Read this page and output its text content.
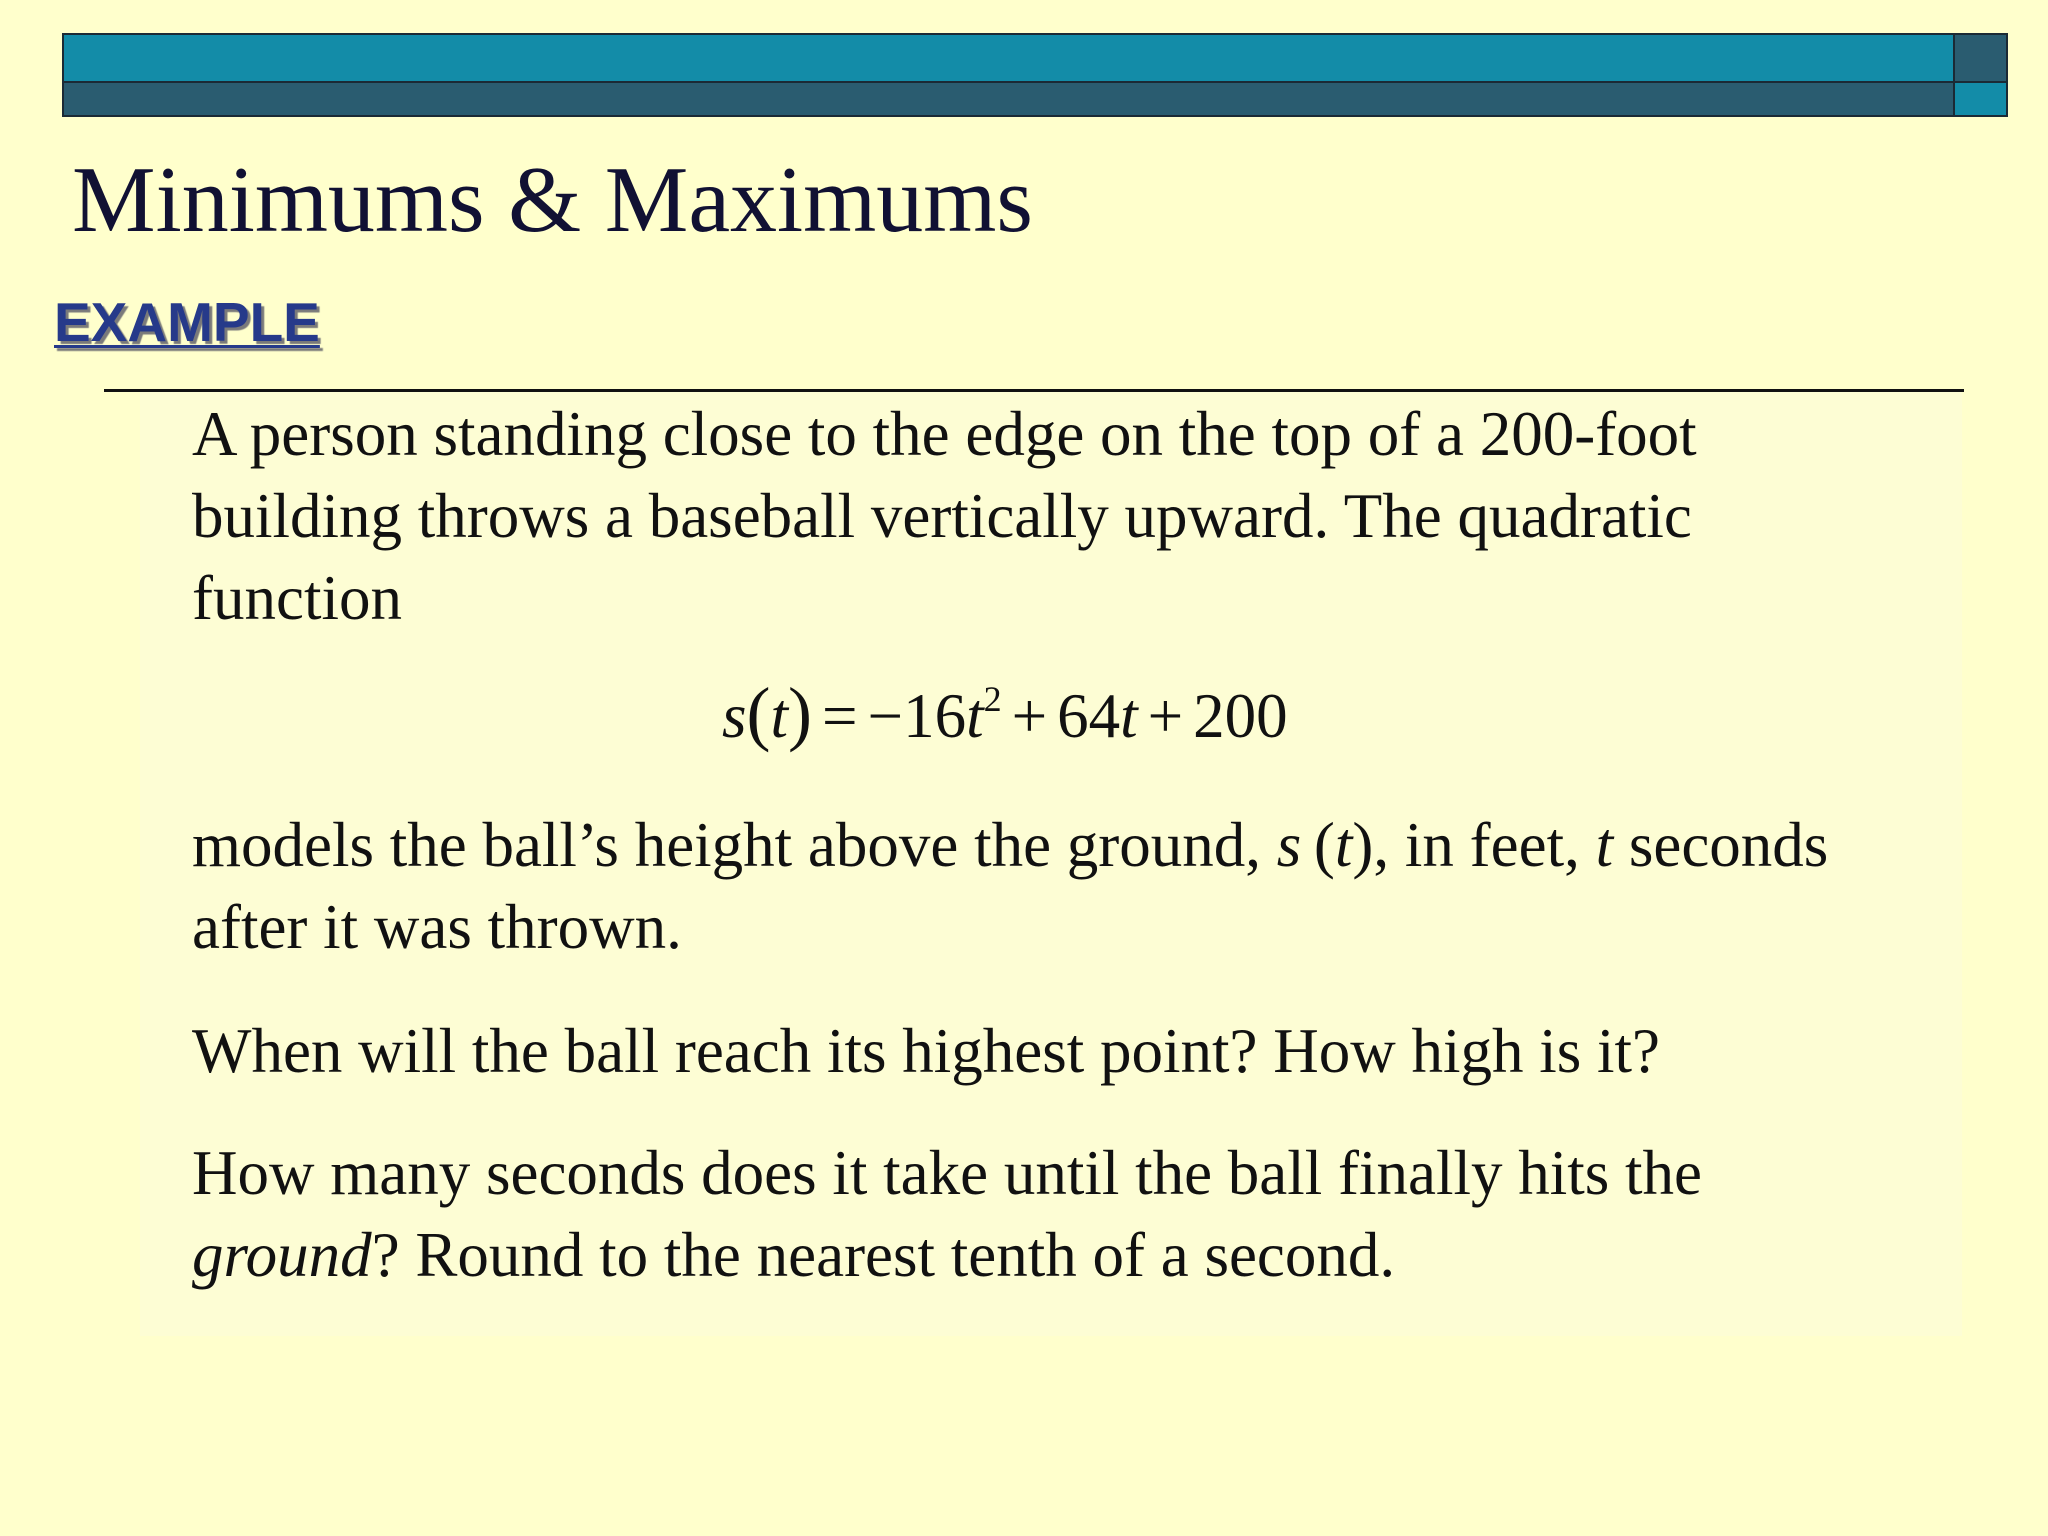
Minimums & Maximums
EXAMPLE

A person standing close to the edge on the top of a 200-foot building throws a baseball vertically upward. The quadratic function

$s(t) = -16t^2 + 64t + 200$

models the ball’s height above the ground, s (t), in feet, t seconds after it was thrown.

When will the ball reach its highest point? How high is it?

How many seconds does it take until the ball finally hits the ground? Round to the nearest tenth of a second.
